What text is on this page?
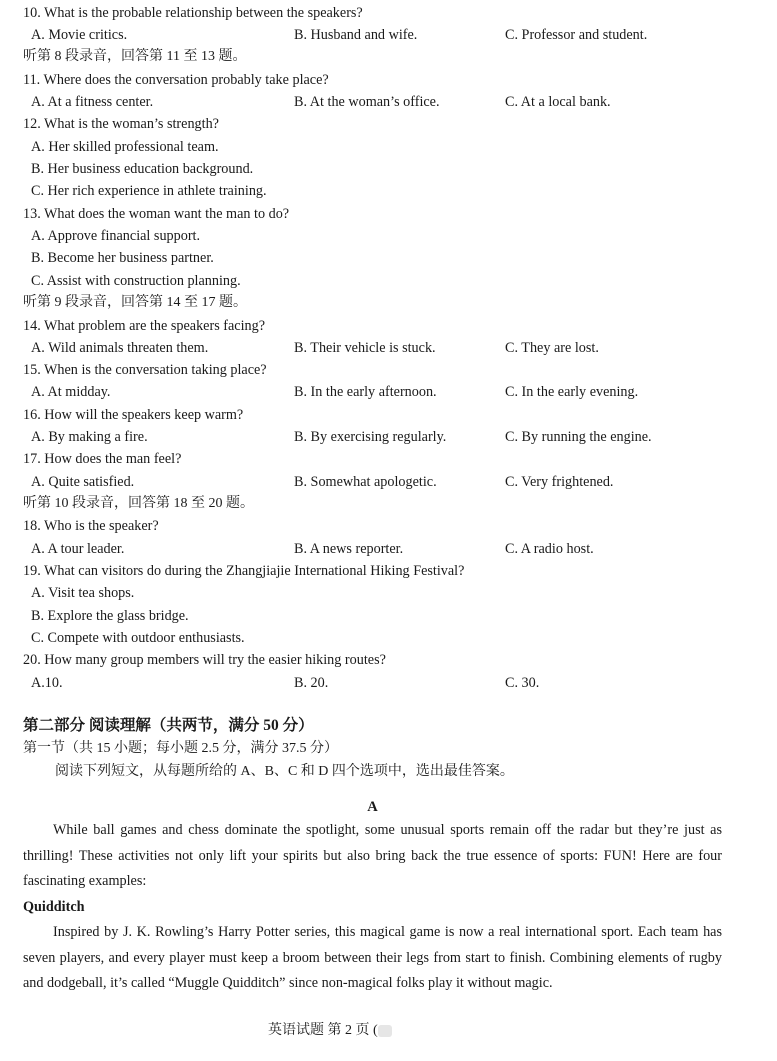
10. What is the probable relationship between the speakers?
A. Movie critics.	B. Husband and wife.	C. Professor and student.
听第 8 段录音，回答第 11 至 13 题。
11. Where does the conversation probably take place?
A. At a fitness center.	B. At the woman’s office.	C. At a local bank.
12. What is the woman’s strength?
A. Her skilled professional team.
B. Her business education background.
C. Her rich experience in athlete training.
13. What does the woman want the man to do?
A. Approve financial support.
B. Become her business partner.
C. Assist with construction planning.
听第 9 段录音，回答第 14 至 17 题。
14. What problem are the speakers facing?
A. Wild animals threaten them.	B. Their vehicle is stuck.	C. They are lost.
15. When is the conversation taking place?
A. At midday.	B. In the early afternoon.	C. In the early evening.
16. How will the speakers keep warm?
A. By making a fire.	B. By exercising regularly.	C. By running the engine.
17. How does the man feel?
A. Quite satisfied.	B. Somewhat apologetic.	C. Very frightened.
听第 10 段录音，回答第 18 至 20 题。
18. Who is the speaker?
A. A tour leader.	B. A news reporter.	C. A radio host.
19. What can visitors do during the Zhangjiajie International Hiking Festival?
A. Visit tea shops.
B. Explore the glass bridge.
C. Compete with outdoor enthusiasts.
20. How many group members will try the easier hiking routes?
A.10.	B. 20.	C. 30.
第二部分 阅读理解（共两节，满分 50 分）
第一节（共 15 小题；每小题 2.5 分，满分 37.5 分）
阅读下列短文，从每题所给的 A、B、C 和 D 四个选项中，选出最佳答案。
A
While ball games and chess dominate the spotlight, some unusual sports remain off the radar but they’re just as thrilling! These activities not only lift your spirits but also bring back the true essence of sports: FUN! Here are four fascinating examples:
Quidditch
Inspired by J. K. Rowling’s Harry Potter series, this magical game is now a real international sport. Each team has seven players, and every player must keep a broom between their legs from start to finish. Combining elements of rugby and dodgeball, it’s called “Muggle Quidditch” since non-magical folks play it without magic.
英语试题 第 2 页 (
